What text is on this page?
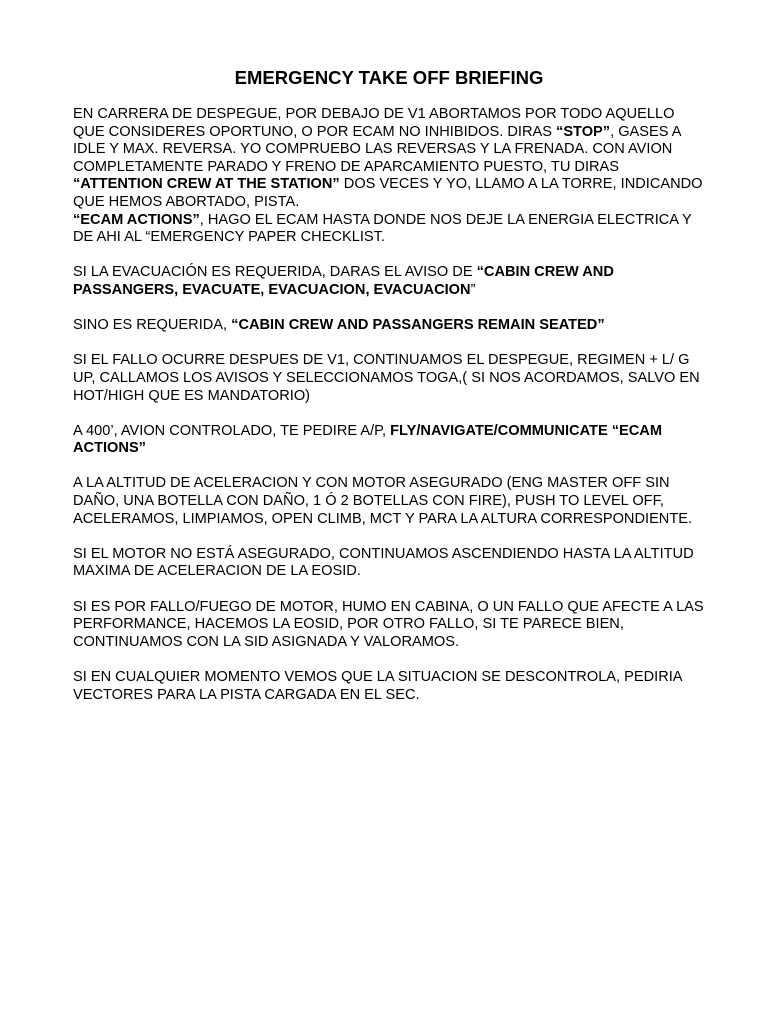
EMERGENCY TAKE OFF BRIEFING

EN CARRERA DE DESPEGUE, POR DEBAJO DE V1 ABORTAMOS POR TODO AQUELLO QUE CONSIDERES OPORTUNO, O POR ECAM NO INHIBIDOS. DIRAS “STOP”, GASES A IDLE Y MAX. REVERSA. YO COMPRUEBO LAS REVERSAS Y LA FRENADA. CON AVION COMPLETAMENTE PARADO Y FRENO DE APARCAMIENTO PUESTO, TU DIRAS “ATTENTION CREW AT THE STATION” DOS VECES Y YO, LLAMO A LA TORRE, INDICANDO QUE HEMOS ABORTADO, PISTA.

“ECAM ACTIONS”, HAGO EL ECAM HASTA DONDE NOS DEJE LA ENERGIA ELECTRICA Y DE AHI AL “EMERGENCY PAPER CHECKLIST.

SI LA EVACUACIÓN ES REQUERIDA, DARAS EL AVISO DE “CABIN CREW AND PASSANGERS, EVACUATE, EVACUACION, EVACUACION”

SINO ES REQUERIDA, “CABIN CREW AND PASSANGERS REMAIN SEATED”

SI EL FALLO OCURRE DESPUES DE V1, CONTINUAMOS EL DESPEGUE, REGIMEN + L/ G UP, CALLAMOS LOS AVISOS Y SELECCIONAMOS TOGA,( SI NOS ACORDAMOS, SALVO EN HOT/HIGH QUE ES MANDATORIO)

A 400’, AVION CONTROLADO, TE PEDIRE A/P, FLY/NAVIGATE/COMMUNICATE “ECAM ACTIONS”

A LA ALTITUD DE ACELERACION Y CON MOTOR ASEGURADO (ENG MASTER OFF SIN DAÑO, UNA BOTELLA CON DAÑO, 1 Ó 2 BOTELLAS CON FIRE), PUSH TO LEVEL OFF, ACELERAMOS, LIMPIAMOS, OPEN CLIMB, MCT Y PARA LA ALTURA CORRESPONDIENTE.

SI EL MOTOR NO ESTÁ ASEGURADO, CONTINUAMOS ASCENDIENDO HASTA LA ALTITUD MAXIMA DE ACELERACION DE LA EOSID.

SI ES POR FALLO/FUEGO DE MOTOR, HUMO EN CABINA, O UN FALLO QUE AFECTE A LAS PERFORMANCE, HACEMOS LA EOSID, POR OTRO FALLO, SI TE PARECE BIEN, CONTINUAMOS CON LA SID ASIGNADA Y VALORAMOS.

SI EN CUALQUIER MOMENTO VEMOS QUE LA SITUACION SE DESCONTROLA, PEDIRIA VECTORES PARA LA PISTA CARGADA EN EL SEC.
